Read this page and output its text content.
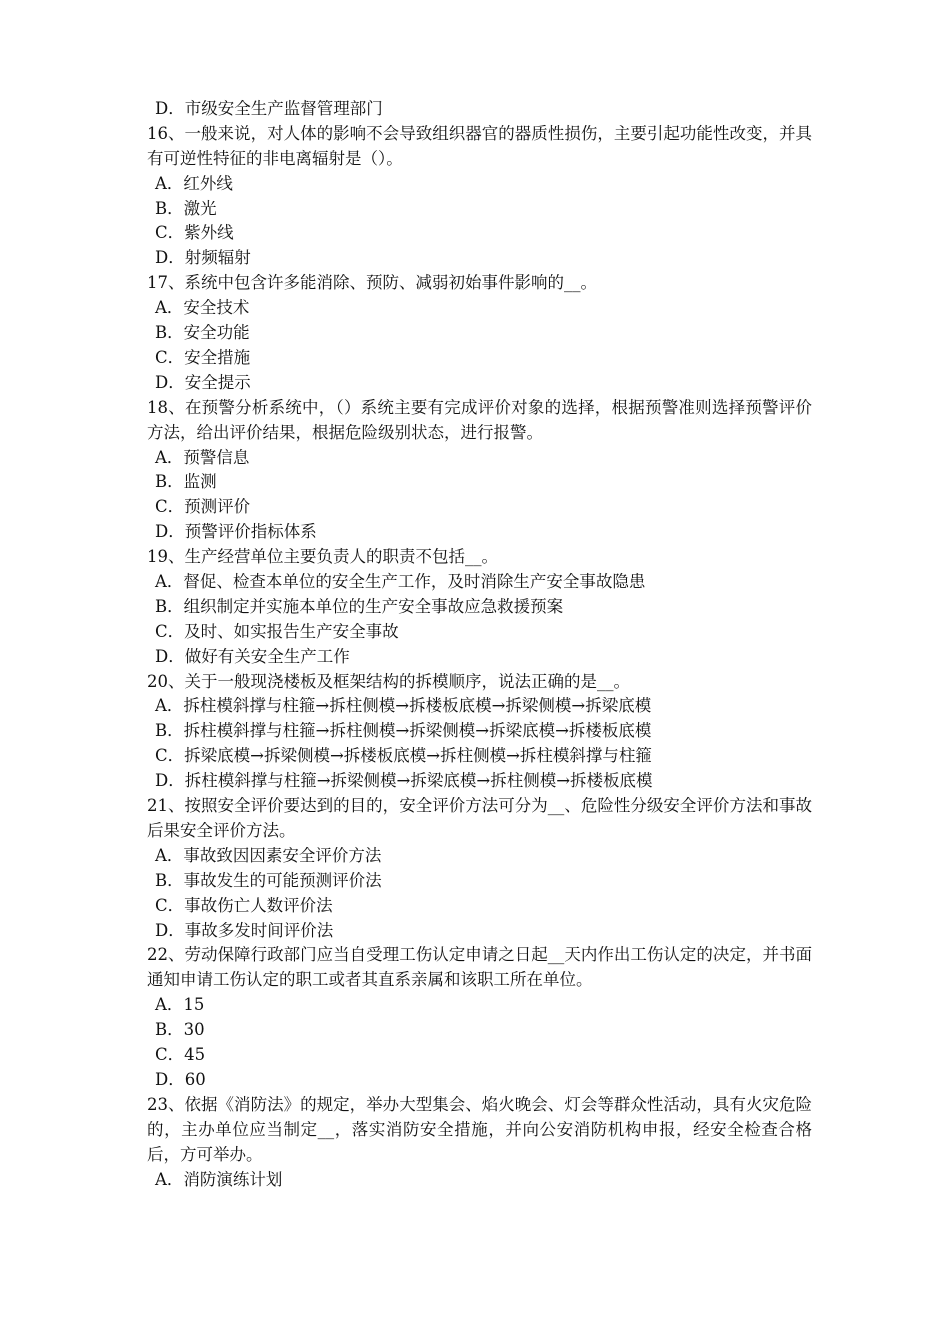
D．市级安全生产监督管理部门
16、一般来说，对人体的影响不会导致组织器官的器质性损伤，主要引起功能性改变，并具有可逆性特征的非电离辐射是（）。
A．红外线
B．激光
C．紫外线
D．射频辐射
17、系统中包含许多能消除、预防、减弱初始事件影响的__。
A．安全技术
B．安全功能
C．安全措施
D．安全提示
18、在预警分析系统中，（）系统主要有完成评价对象的选择，根据预警准则选择预警评价方法，给出评价结果，根据危险级别状态，进行报警。
A．预警信息
B．监测
C．预测评价
D．预警评价指标体系
19、生产经营单位主要负责人的职责不包括__。
A．督促、检查本单位的安全生产工作，及时消除生产安全事故隐患
B．组织制定并实施本单位的生产安全事故应急救援预案
C．及时、如实报告生产安全事故
D．做好有关安全生产工作
20、关于一般现浇楼板及框架结构的拆模顺序，说法正确的是__。
A．拆柱模斜撑与柱箍→拆柱侧模→拆楼板底模→拆梁侧模→拆梁底模
B．拆柱模斜撑与柱箍→拆柱侧模→拆梁侧模→拆梁底模→拆楼板底模
C．拆梁底模→拆梁侧模→拆楼板底模→拆柱侧模→拆柱模斜撑与柱箍
D．拆柱模斜撑与柱箍→拆梁侧模→拆梁底模→拆柱侧模→拆楼板底模
21、按照安全评价要达到的目的，安全评价方法可分为__、危险性分级安全评价方法和事故后果安全评价方法。
A．事故致因因素安全评价方法
B．事故发生的可能预测评价法
C．事故伤亡人数评价法
D．事故多发时间评价法
22、劳动保障行政部门应当自受理工伤认定申请之日起__天内作出工伤认定的决定，并书面通知申请工伤认定的职工或者其直系亲属和该职工所在单位。
A．15
B．30
C．45
D．60
23、依据《消防法》的规定，举办大型集会、焰火晚会、灯会等群众性活动，具有火灾危险的，主办单位应当制定__，落实消防安全措施，并向公安消防机构申报，经安全检查合格后，方可举办。
A．消防演练计划
